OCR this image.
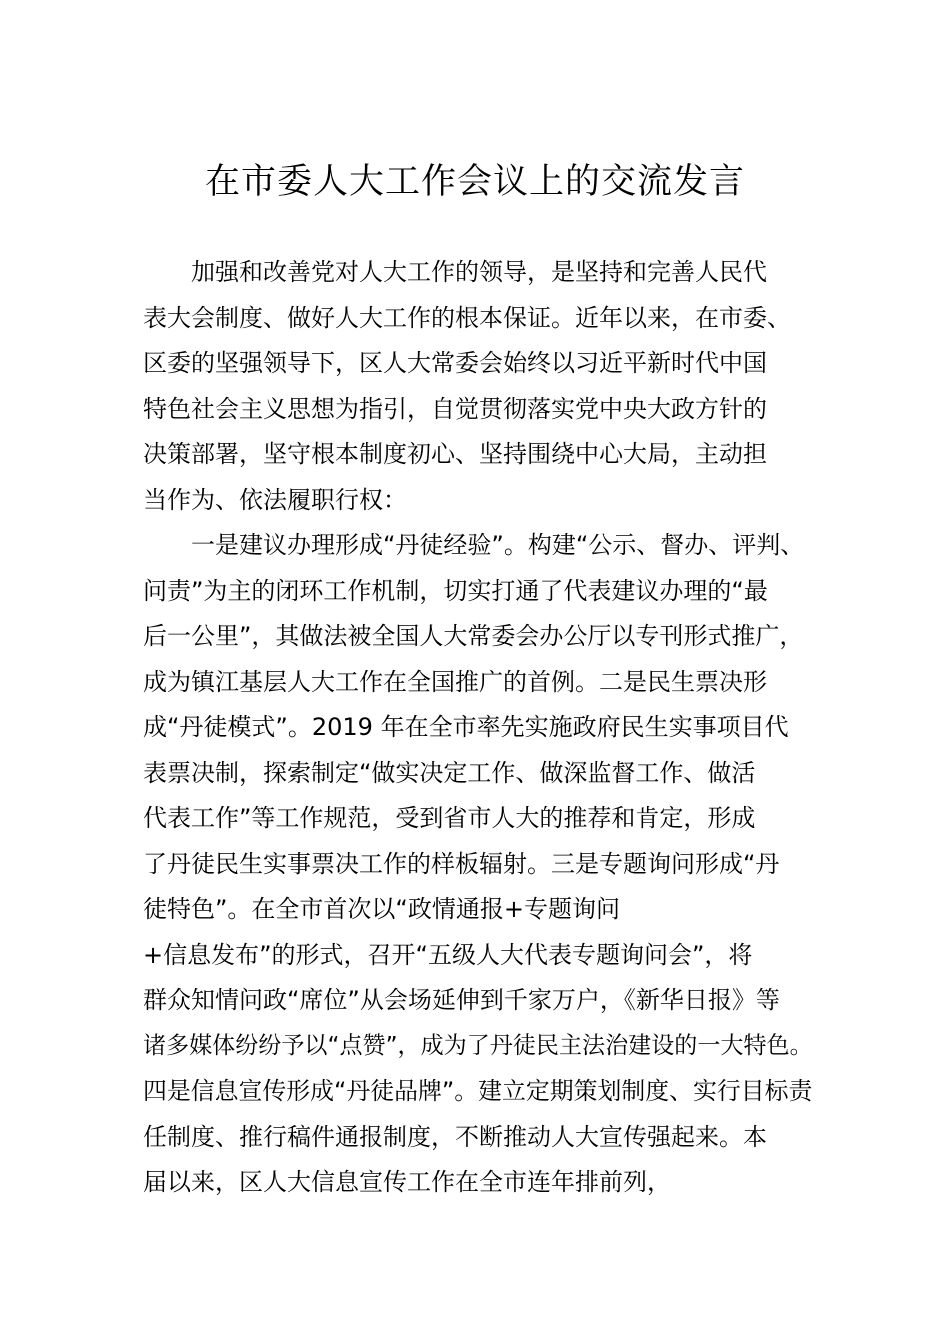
在市委人大工作会议上的交流发言
　　加强和改善党对人大工作的领导，是坚持和完善人民代
表大会制度、做好人大工作的根本保证。近年以来，在市委、
区委的坚强领导下，区人大常委会始终以习近平新时代中国
特色社会主义思想为指引，自觉贯彻落实党中央大政方针的
决策部署，坚守根本制度初心、坚持围绕中心大局，主动担
当作为、依法履职行权：
　　一是建议办理形成“丹徒经验”。构建“公示、督办、评判、
问责”为主的闭环工作机制，切实打通了代表建议办理的“最
后一公里”，其做法被全国人大常委会办公厅以专刊形式推广，
成为镇江基层人大工作在全国推广的首例。二是民生票决形
成“丹徒模式”。2019 年在全市率先实施政府民生实事项目代
表票决制，探索制定“做实决定工作、做深监督工作、做活
代表工作”等工作规范，受到省市人大的推荐和肯定，形成
了丹徒民生实事票决工作的样板辐射。三是专题询问形成“丹
徒特色”。在全市首次以“政情通报+专题询问
+信息发布”的形式，召开“五级人大代表专题询问会”，将
群众知情问政“席位”从会场延伸到千家万户，《新华日报》等
诸多媒体纷纷予以“点赞”，成为了丹徒民主法治建设的一大特色。
四是信息宣传形成“丹徒品牌”。建立定期策划制度、实行目标责
任制度、推行稿件通报制度，不断推动人大宣传强起来。本
届以来，区人大信息宣传工作在全市连年排前列，
